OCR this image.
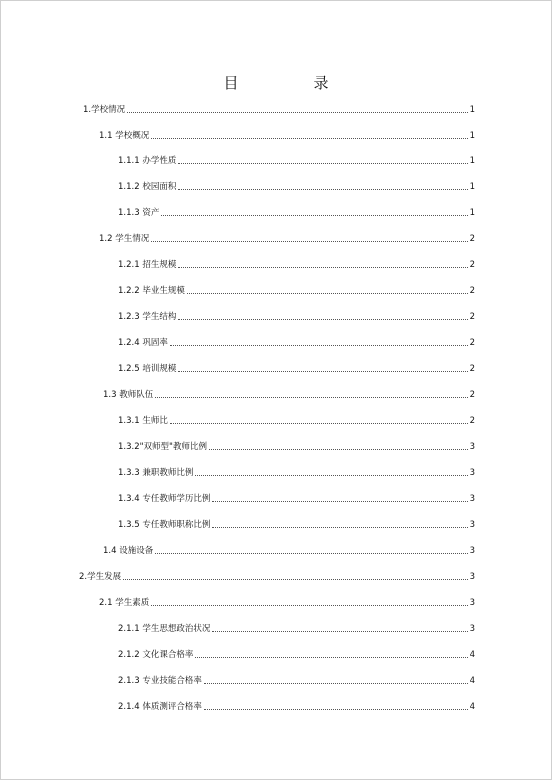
目　录
1.学校情况	1
1.1 学校概况	1
1.1.1 办学性质	1
1.1.2 校园面积	1
1.1.3 资产	1
1.2 学生情况	2
1.2.1 招生规模	2
1.2.2 毕业生规模	2
1.2.3 学生结构	2
1.2.4 巩固率	2
1.2.5 培训规模	2
1.3 教师队伍	2
1.3.1 生师比	2
1.3.2"双师型"教师比例	3
1.3.3 兼职教师比例	3
1.3.4 专任教师学历比例	3
1.3.5 专任教师职称比例	3
1.4 设施设备	3
2.学生发展	3
2.1 学生素质	3
2.1.1 学生思想政治状况	3
2.1.2 文化课合格率	4
2.1.3 专业技能合格率	4
2.1.4 体质测评合格率	4
